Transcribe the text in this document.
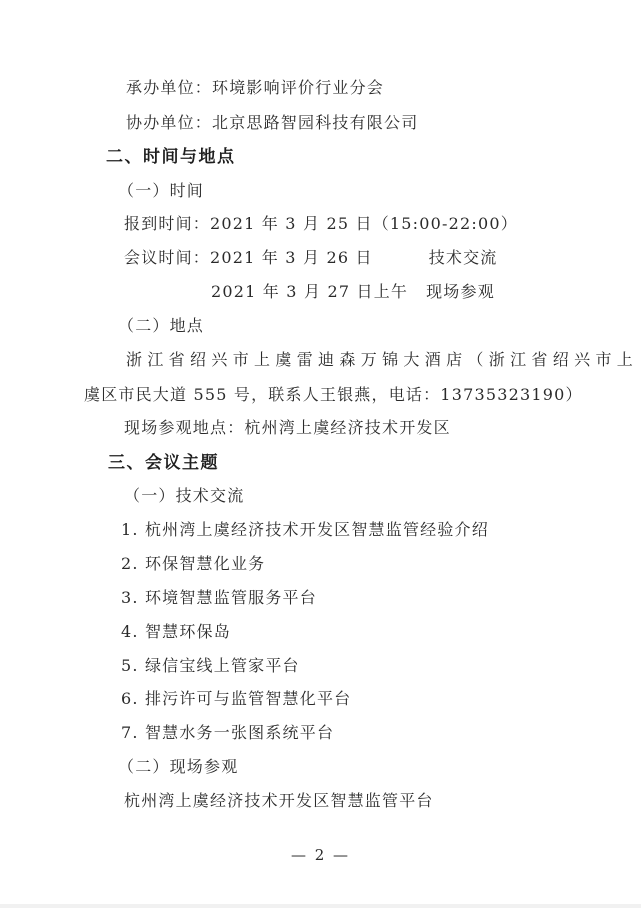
承办单位：环境影响评价行业分会
协办单位：北京思路智园科技有限公司
二、时间与地点
（一）时间
报到时间：2021 年 3 月 25 日（15:00-22:00）
会议时间：2021 年 3 月 26 日	技术交流
2021 年 3 月 27 日上午 现场参观
（二）地点
浙江省绍兴市上虞雷迪森万锦大酒店（浙江省绍兴市上
虞区市民大道 555 号，联系人王银燕，电话：13735323190）
现场参观地点：杭州湾上虞经济技术开发区
三、会议主题
（一）技术交流
1. 杭州湾上虞经济技术开发区智慧监管经验介绍
2. 环保智慧化业务
3. 环境智慧监管服务平台
4. 智慧环保岛
5. 绿信宝线上管家平台
6. 排污许可与监管智慧化平台
7. 智慧水务一张图系统平台
（二）现场参观
杭州湾上虞经济技术开发区智慧监管平台
— 2 —
